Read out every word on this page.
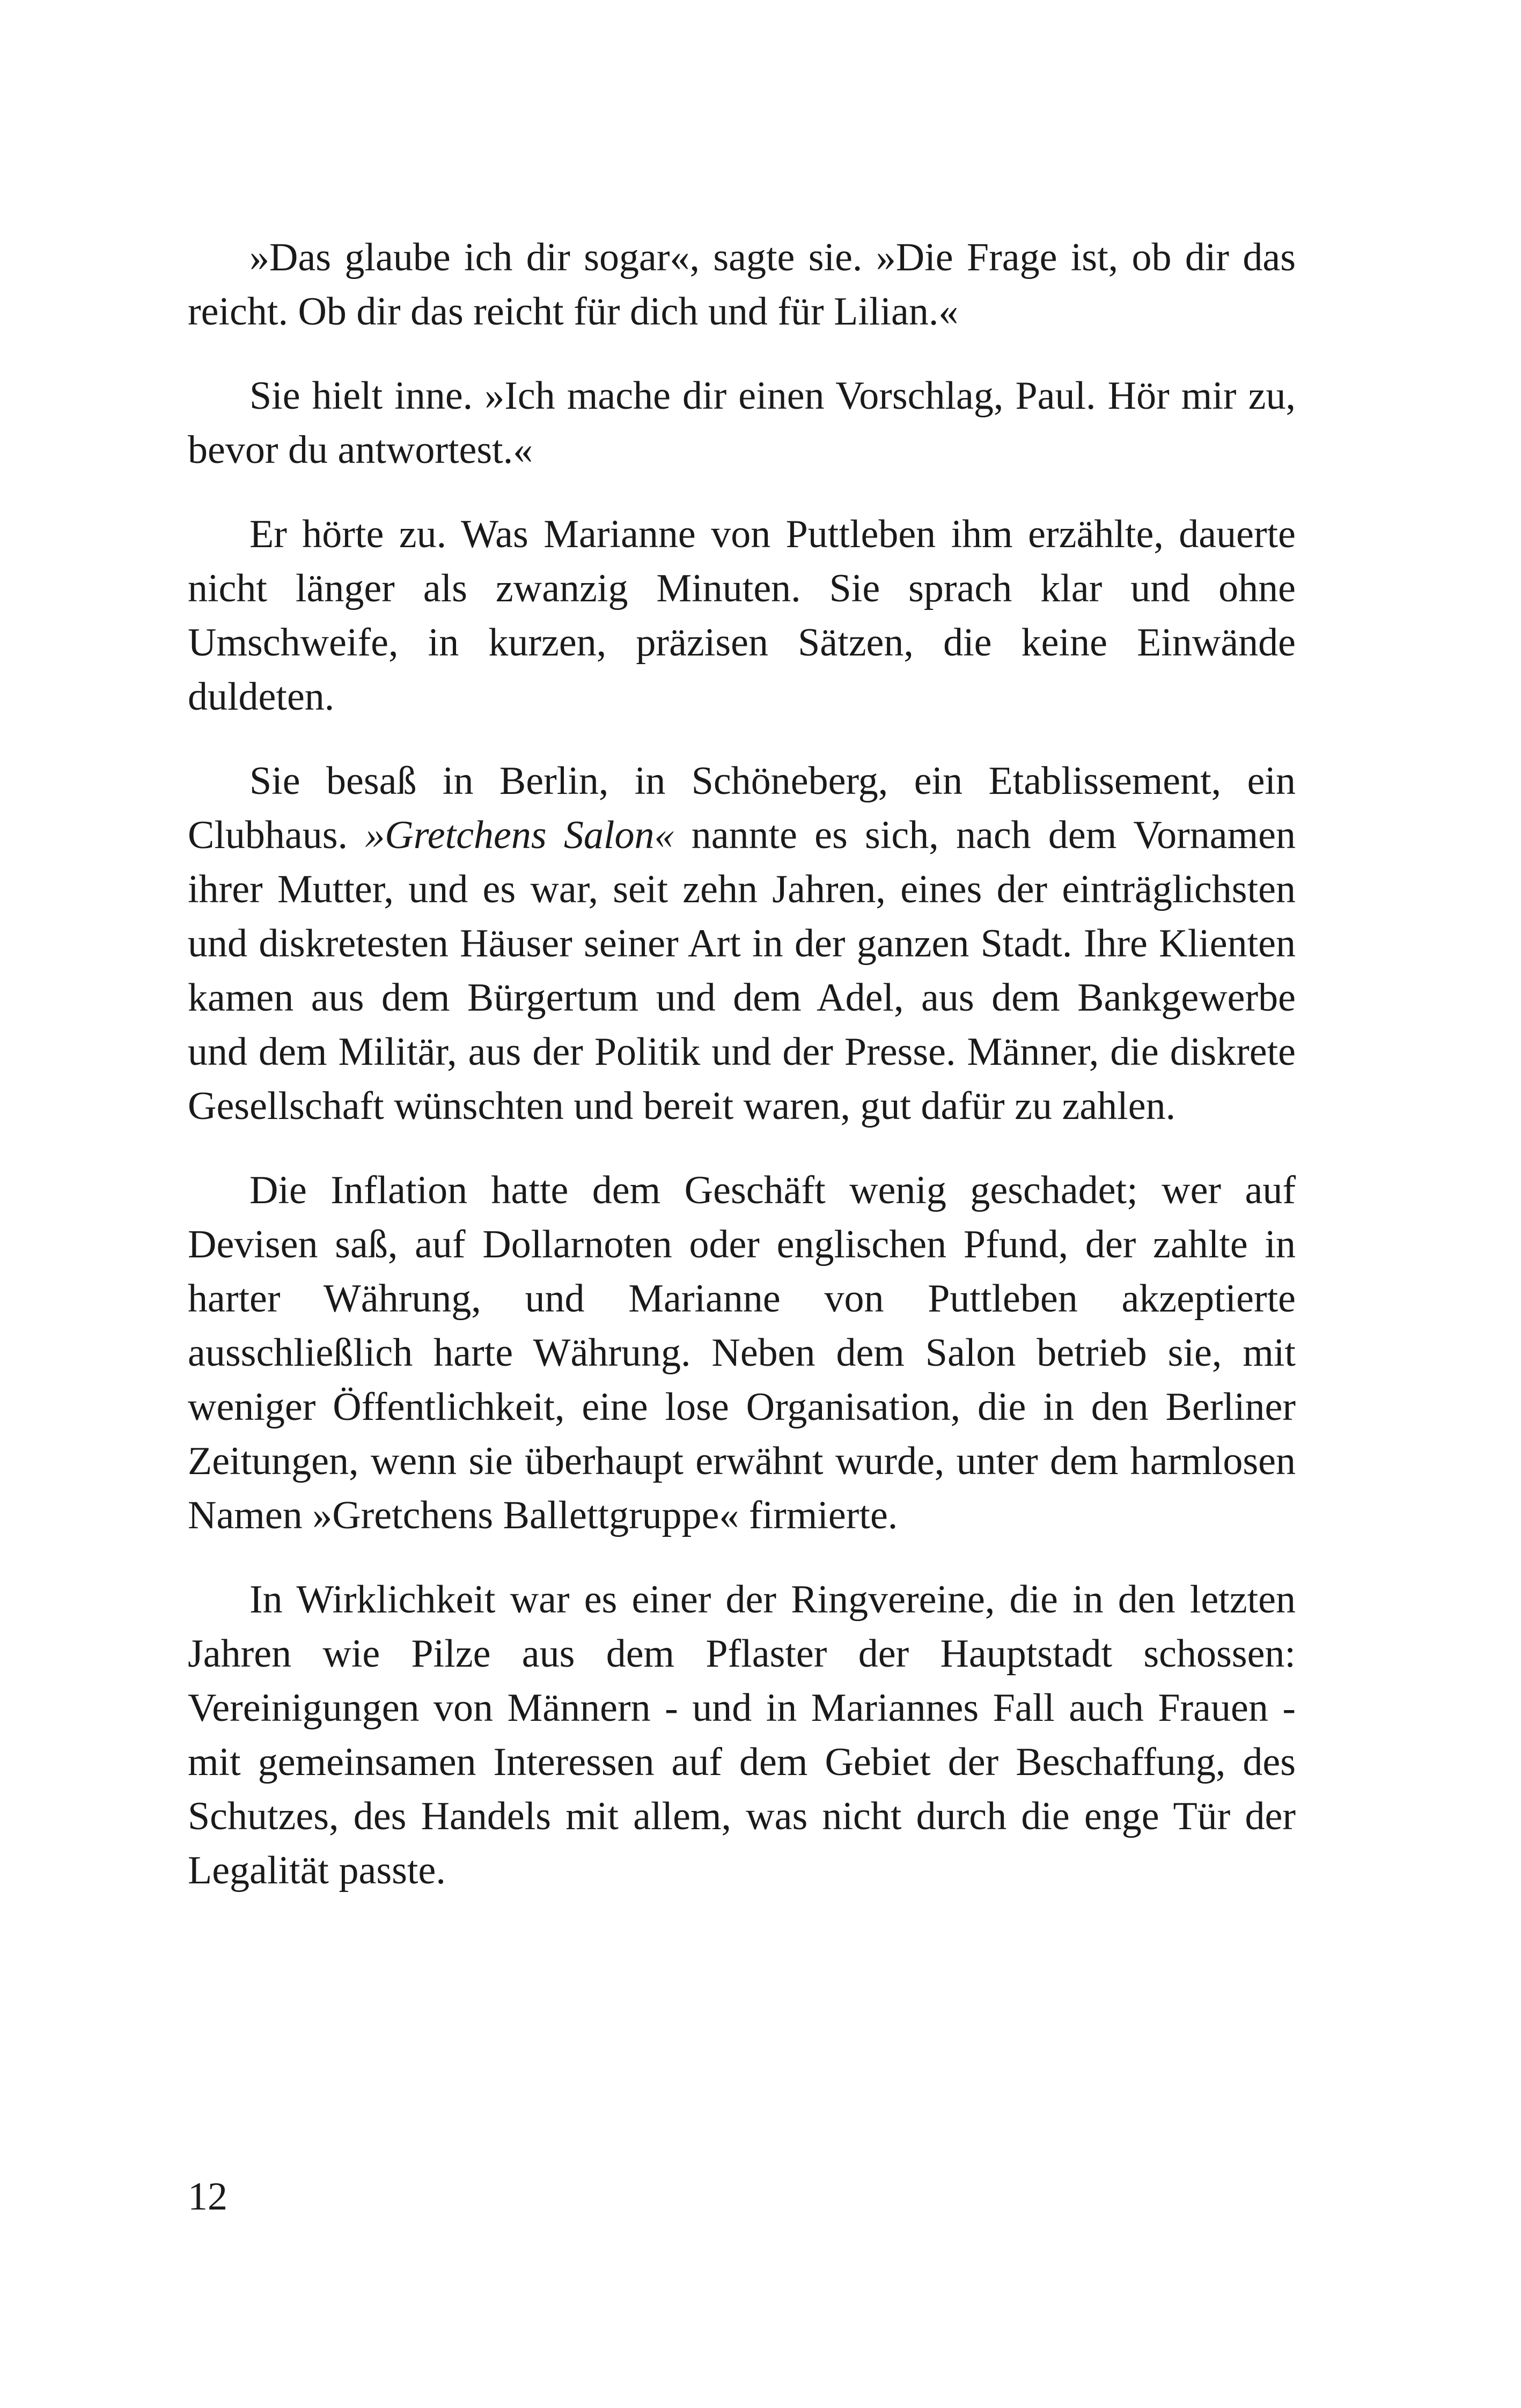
»Das glaube ich dir sogar«, sagte sie. »Die Frage ist, ob dir das reicht. Ob dir das reicht für dich und für Lilian.«

Sie hielt inne. »Ich mache dir einen Vorschlag, Paul. Hör mir zu, bevor du antwortest.«

Er hörte zu. Was Marianne von Puttleben ihm erzählte, dauerte nicht länger als zwanzig Minuten. Sie sprach klar und ohne Umschweife, in kurzen, präzisen Sätzen, die keine Einwände duldeten.

Sie besaß in Berlin, in Schöneberg, ein Etablissement, ein Clubhaus. »Gretchens Salon« nannte es sich, nach dem Vornamen ihrer Mutter, und es war, seit zehn Jahren, eines der einträglichsten und diskretesten Häuser seiner Art in der ganzen Stadt. Ihre Klienten kamen aus dem Bürgertum und dem Adel, aus dem Bankgewerbe und dem Militär, aus der Politik und der Presse. Männer, die diskrete Gesellschaft wünschten und bereit waren, gut dafür zu zahlen.

Die Inflation hatte dem Geschäft wenig geschadet; wer auf Devisen saß, auf Dollarnoten oder englischen Pfund, der zahlte in harter Währung, und Marianne von Puttleben akzeptierte ausschließlich harte Währung. Neben dem Salon betrieb sie, mit weniger Öffentlichkeit, eine lose Organisation, die in den Berliner Zeitungen, wenn sie überhaupt erwähnt wurde, unter dem harmlosen Namen »Gretchens Ballettgruppe« firmierte.

In Wirklichkeit war es einer der Ringvereine, die in den letzten Jahren wie Pilze aus dem Pflaster der Hauptstadt schossen: Vereinigungen von Männern - und in Mariannes Fall auch Frauen - mit gemeinsamen Interessen auf dem Gebiet der Beschaffung, des Schutzes, des Handels mit allem, was nicht durch die enge Tür der Legalität passte.

12
